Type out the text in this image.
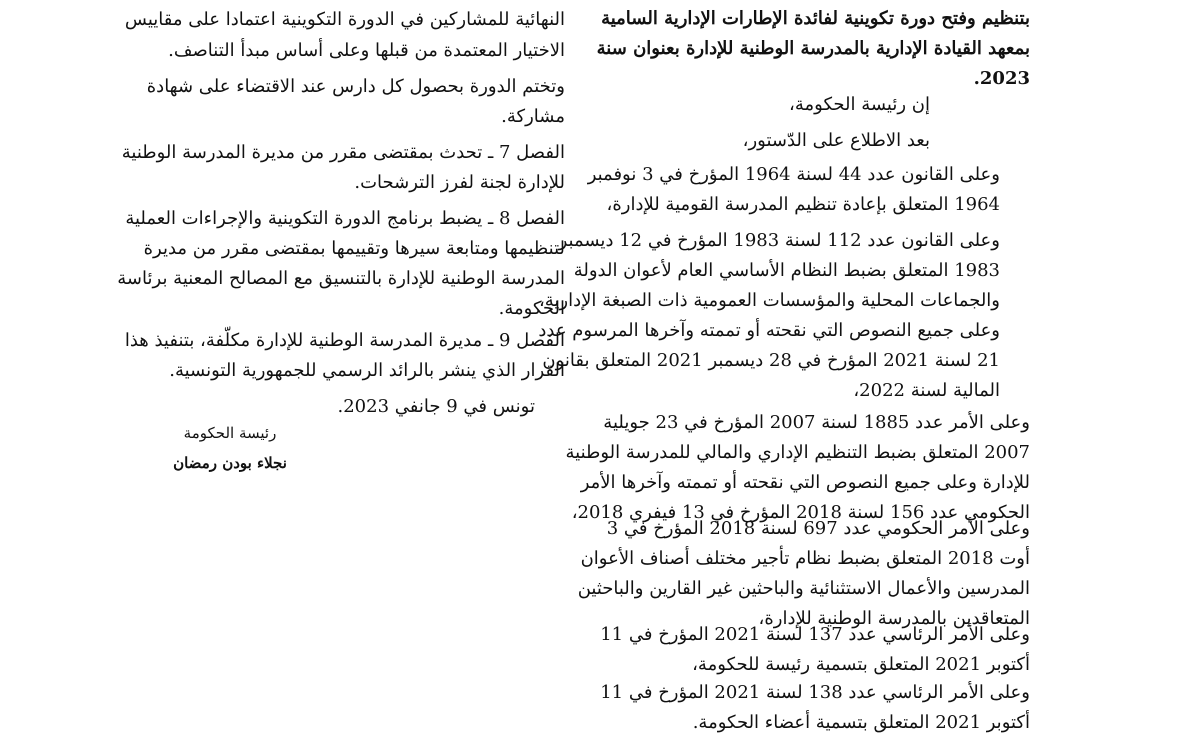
بتنظيم وفتح دورة تكوينية لفائدة الإطارات الإدارية السامية
بمعهد القيادة الإدارية بالمدرسة الوطنية للإدارة بعنوان سنة
2023.
إن رئيسة الحكومة،
بعد الاطلاع على الدّستور،
وعلى القانون عدد 44 لسنة 1964 المؤرخ في 3 نوفمبر
1964 المتعلق بإعادة تنظيم المدرسة القومية للإدارة،
وعلى القانون عدد 112 لسنة 1983 المؤرخ في 12 ديسمبر
1983 المتعلق بضبط النظام الأساسي العام لأعوان الدولة
والجماعات المحلية والمؤسسات العمومية ذات الصبغة الإدارية،
وعلى جميع النصوص التي نقحته أو تممته وآخرها المرسوم عدد
21 لسنة 2021 المؤرخ في 28 ديسمبر 2021 المتعلق بقانون
المالية لسنة 2022،
وعلى الأمر عدد 1885 لسنة 2007 المؤرخ في 23 جويلية
2007 المتعلق بضبط التنظيم الإداري والمالي للمدرسة الوطنية
للإدارة وعلى جميع النصوص التي نقحته أو تممته وآخرها الأمر
الحكومي عدد 156 لسنة 2018 المؤرخ في 13 فيفري 2018،
وعلى الأمر الحكومي عدد 697 لسنة 2018 المؤرخ في 3
أوت 2018 المتعلق بضبط نظام تأجير مختلف أصناف الأعوان
المدرسين والأعمال الاستثنائية والباحثين غير القارين والباحثين
المتعاقدين بالمدرسة الوطنية للإدارة،
وعلى الأمر الرئاسي عدد 137 لسنة 2021 المؤرخ في 11
أكتوبر 2021 المتعلق بتسمية رئيسة للحكومة،
وعلى الأمر الرئاسي عدد 138 لسنة 2021 المؤرخ في 11
أكتوبر 2021 المتعلق بتسمية أعضاء الحكومة.
النهائية للمشاركين في الدورة التكوينية اعتمادا على مقاييس
الاختيار المعتمدة من قبلها وعلى أساس مبدأ التناصف.
وتختم الدورة بحصول كل دارس عند الاقتضاء على شهادة
مشاركة.
الفصل 7 ـ تحدث بمقتضى مقرر من مديرة المدرسة الوطنية
للإدارة لجنة لفرز الترشحات.
الفصل 8 ـ يضبط برنامج الدورة التكوينية والإجراءات العملية
لتنظيمها ومتابعة سيرها وتقييمها بمقتضى مقرر من مديرة
المدرسة الوطنية للإدارة بالتنسيق مع المصالح المعنية برئاسة
الحكومة.
الفصل 9 ـ مديرة المدرسة الوطنية للإدارة مكلّفة، بتنفيذ هذا
القرار الذي ينشر بالرائد الرسمي للجمهورية التونسية.
تونس في 9 جانفي 2023.
رئيسة الحكومة
نجلاء بودن رمضان
